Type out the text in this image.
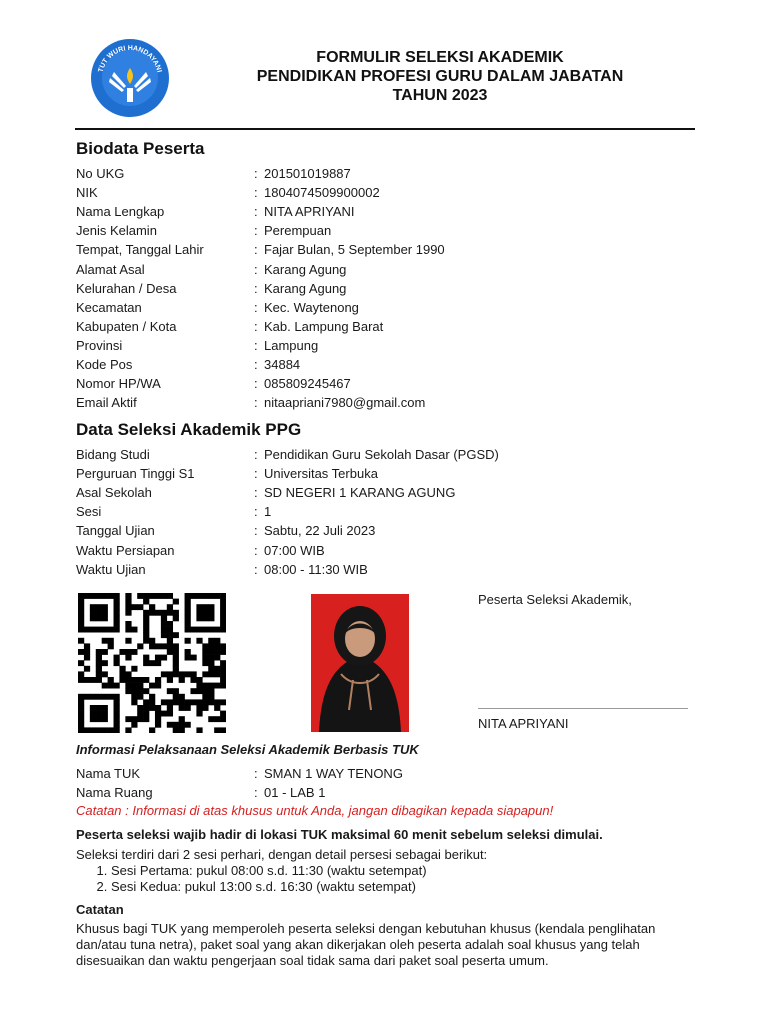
TUT WURI HANDAYANI
FORMULIR SELEKSI AKADEMIK
PENDIDIKAN PROFESI GURU DALAM JABATAN
TAHUN 2023
Biodata Peserta
No UKG	: 201501019887
NIK	: 1804074509900002
Nama Lengkap	: NITA APRIYANI
Jenis Kelamin	: Perempuan
Tempat, Tanggal Lahir	: Fajar Bulan, 5 September 1990
Alamat Asal	: Karang Agung
Kelurahan / Desa	: Karang Agung
Kecamatan	: Kec. Waytenong
Kabupaten / Kota	: Kab. Lampung Barat
Provinsi	: Lampung
Kode Pos	: 34884
Nomor HP/WA	: 085809245467
Email Aktif	: nitaapriani7980@gmail.com
Data Seleksi Akademik PPG
Bidang Studi	: Pendidikan Guru Sekolah Dasar (PGSD)
Perguruan Tinggi S1	: Universitas Terbuka
Asal Sekolah	: SD NEGERI 1 KARANG AGUNG
Sesi	: 1
Tanggal Ujian	: Sabtu, 22 Juli 2023
Waktu Persiapan	: 07:00 WIB
Waktu Ujian	: 08:00 - 11:30 WIB
Peserta Seleksi Akademik,
NITA APRIYANI
Informasi Pelaksanaan Seleksi Akademik Berbasis TUK
Nama TUK	: SMAN 1 WAY TENONG
Nama Ruang	: 01 - LAB 1
Catatan : Informasi di atas khusus untuk Anda, jangan dibagikan kepada siapapun!
Peserta seleksi wajib hadir di lokasi TUK maksimal 60 menit sebelum seleksi dimulai.
Seleksi terdiri dari 2 sesi perhari, dengan detail persesi sebagai berikut:
1. Sesi Pertama: pukul 08:00 s.d. 11:30 (waktu setempat)
2. Sesi Kedua: pukul 13:00 s.d. 16:30 (waktu setempat)
Catatan
Khusus bagi TUK yang memperoleh peserta seleksi dengan kebutuhan khusus (kendala penglihatan dan/atau tuna netra), paket soal yang akan dikerjakan oleh peserta adalah soal khusus yang telah disesuaikan dan waktu pengerjaan soal tidak sama dari paket soal peserta umum.
